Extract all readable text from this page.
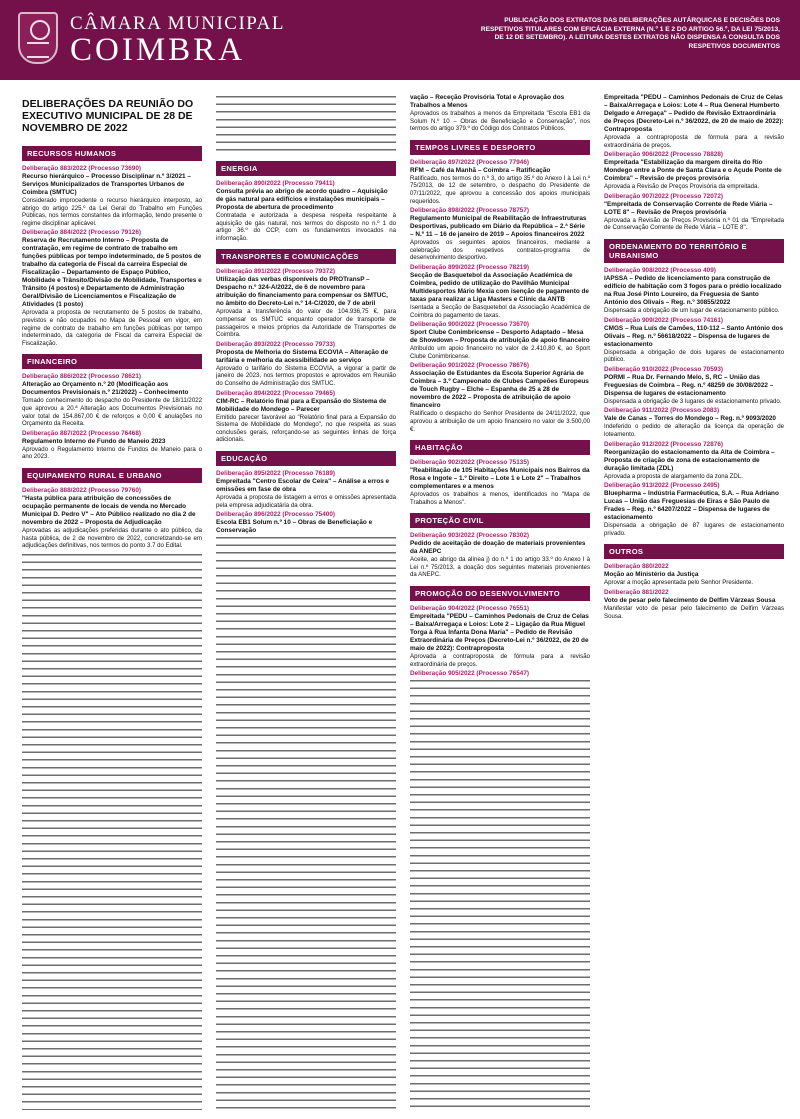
CÂMARA MUNICIPAL
COIMBRA
PUBLICAÇÃO DOS EXTRATOS DAS DELIBERAÇÕES AUTÁRQUICAS E DECISÕES DOS RESPETIVOS TITULARES COM EFICÁCIA EXTERNA (N.º 1 E 2 DO ARTIGO 56.º, DA LEI 75/2013, DE 12 DE SETEMBRO). A LEITURA DESTES EXTRATOS NÃO DISPENSA A CONSULTA DOS RESPETIVOS DOCUMENTOS
DELIBERAÇÕES DA REUNIÃO DO EXECUTIVO MUNICIPAL DE 28 DE NOVEMBRO DE 2022
RECURSOS HUMANOS
Deliberação 883/2022 (Processo 73690)
Recurso hierárquico – Processo Disciplinar n.º 3/2021 – Serviços Municipalizados de Transportes Urbanos de Coimbra (SMTUC)
Considerado improcedente o recurso hierárquico interposto, ao abrigo do artigo 225.º da Lei Geral do Trabalho em Funções Públicas, nos termos constantes da informação, tendo presente o regime disciplinar aplicável.
Deliberação 884/2022 (Processo 79126)
Reserva de Recrutamento Interno – Proposta de contratação, em regime de contrato de trabalho em funções públicas por tempo indeterminado, de 5 postos de trabalho da categoria de Fiscal da carreira Especial de Fiscalização – Departamento de Espaço Público, Mobilidade e Trânsito/Divisão de Mobilidade, Transportes e Trânsito (4 postos) e Departamento de Administração Geral/Divisão de Licenciamentos e Fiscalização de Atividades (1 posto)
Aprovada a proposta de recrutamento de 5 postos de trabalho, previstos e não ocupados no Mapa de Pessoal em vigor, em regime de contrato de trabalho em funções públicas por tempo indeterminado, da categoria de Fiscal da carreira Especial de Fiscalização.
FINANCEIRO
Deliberação 886/2022 (Processo 78621)
Alteração ao Orçamento n.º 20 (Modificação aos Documentos Previsionais n.º 21/2022) – Conhecimento
Tomado conhecimento do despacho do Presidente de 18/11/2022 que aprovou a 20.ª Alteração aos Documentos Previsionais no valor total de 154.867,00 € de reforços e 0,00 € anulações no Orçamento da Receita.
Deliberação 887/2022 (Processo 76468)
Regulamento Interno de Fundo de Maneio 2023
Aprovado o Regulamento Interno de Fundos de Maneio para o ano 2023.
EQUIPAMENTO RURAL E URBANO
Deliberação 888/2022 (Processo 79760)
"Hasta pública para atribuição de concessões de ocupação permanente de locais de venda no Mercado Municipal D. Pedro V" – Ato Público realizado no dia 2 de novembro de 2022 – Proposta de Adjudicação
Aprovadas as adjudicações preferidas durante o ato público, da hasta pública, de 2 de novembro de 2022, concretizando-se em adjudicações definitivas, nos termos do ponto 3.7 do Edital.
ENERGIA
Deliberação 890/2022 (Processo 79411)
Consulta prévia ao abrigo de acordo quadro – Aquisição de gás natural para edifícios e instalações municipais – Proposta de abertura de procedimento
Contratada e autorizada a despesa respeita respeitante à aquisição de gás natural, nos termos do disposto no n.º 1 do artigo 36.º do CCP, com os fundamentos invocados na informação.
TRANSPORTES E COMUNICAÇÕES
Deliberação 891/2022 (Processo 79372)
Utilização das verbas disponíveis do PROTransP – Despacho n.º 324-A/2022, de 6 de novembro para atribuição do financiamento para compensar os SMTUC, no âmbito do Decreto-Lei n.º 14-C/2020, de 7 de abril
Aprovada a transferência do valor de 104.936,75 €, para compensar os SMTUC enquanto operador de transporte de passageiros e meios próprios da Autoridade de Transportes de Coimbra.
Deliberação 893/2022 (Processo 79733)
Proposta de Melhoria do Sistema ECOVIA – Alteração de tarifária e melhoria da acessibilidade ao serviço
Aprovado o tarifário do Sistema ECOVIA, a vigorar a partir de janeiro de 2023, nos termos propostos e aprovados em Reunião do Conselho de Administração dos SMTUC.
Deliberação 894/2022 (Processo 79465)
CIM-RC – Relatório final para a Expansão do Sistema de Mobilidade do Mondego – Parecer
Emitido parecer favorável ao "Relatório final para a Expansão do Sistema de Mobilidade do Mondego", no que respeita as suas conclusões gerais, reforçando-se as seguintes linhas de força adicionais.
EDUCAÇÃO
Deliberação 895/2022 (Processo 76189)
Empreitada "Centro Escolar de Ceira" – Análise a erros e omissões em fase de obra
Aprovada a proposta de listagem a erros e omissões apresentada pela empresa adjudicatária da obra.
Deliberação 896/2022 (Processo 75400)
Escola EB1 Solum n.º 10 – Obras de Beneficiação e Conservação
vação – Receção Provisória Total e Aprovação dos Trabalhos a Menos
Aprovados os trabalhos a menos da Empreitada "Escola EB1 da Solum N.º 10 – Obras de Beneficiação e Conservação", nos termos do artigo 379.º do Código dos Contratos Públicos.
TEMPOS LIVRES E DESPORTO
Deliberação 897/2022 (Processo 77946)
RFM – Café da Manhã – Coimbra – Ratificação
Ratificado, nos termos do n.º 3, do artigo 35.º do Anexo I à Lei n.º 75/2013, de 12 de setembro, o despacho do Presidente de 07/11/2022, que aprovou a concessão dos apoios municipais requeridos.
Deliberação 898/2022 (Processo 78757)
Regulamento Municipal de Reabilitação de Infraestruturas Desportivas, publicado em Diário da República – 2.ª Série – N.º 11 – 16 de janeiro de 2019 – Apoios financeiros 2022
Aprovados os seguintes apoios financeiros, mediante a celebração dos respetivos contratos-programa de desenvolvimento desportivo.
Deliberação 899/2022 (Processo 78219)
Secção de Basquetebol da Associação Académica de Coimbra, pedido de utilização do Pavilhão Municipal Multidesportos Mário Mexia com isenção de pagamento de taxas para realizar a Liga Masters e Clinic da ANTB
Isentada a Secção de Basquetebol da Associação Académica de Coimbra do pagamento de taxas.
Deliberação 900/2022 (Processo 73670)
Sport Clube Conimbricense – Desporto Adaptado – Mesa de Showdown – Proposta de atribuição de apoio financeiro
Atribuído um apoio financeiro no valor de 2.410,80 €, ao Sport Clube Conimbricense.
Deliberação 901/2022 (Processo 78676)
Associação de Estudantes da Escola Superior Agrária de Coimbra – 3.º Campeonato de Clubes Campeões Europeus de Touch Rugby – Elche – Espanha de 25 a 28 de novembro de 2022 – Proposta de atribuição de apoio financeiro
Ratificado o despacho do Senhor Presidente de 24/11/2022, que aprovou a atribuição de um apoio financeiro no valor de 3.500,00 €.
HABITAÇÃO
Deliberação 902/2022 (Processo 75135)
"Reabilitação de 105 Habitações Municipais nos Bairros da Rosa e Ingote – 1.º Direito – Lote 1 e Lote 2" – Trabalhos complementares e a menos
Aprovados os trabalhos a menos, identificados no "Mapa de Trabalhos a Menos".
PROTEÇÃO CIVIL
Deliberação 903/2022 (Processo 78302)
Pedido de aceitação de doação de materiais provenientes da ANEPC
Aceite, ao abrigo da alínea j) do n.º 1 do artigo 33.º do Anexo I à Lei n.º 75/2013, a doação dos seguintes materiais provenientes da ANEPC.
PROMOÇÃO DO DESENVOLVIMENTO
Deliberação 904/2022 (Processo 76551)
Empreitada "PEDU – Caminhos Pedonais de Cruz de Celas – Baixa/Arregaça e Loios: Lote 2 – Ligação da Rua Miguel Torga à Rua Infanta Dona Maria" – Pedido de Revisão Extraordinária de Preços (Decreto-Lei n.º 36/2022, de 20 de maio de 2022): Contraproposta
Aprovada a contraproposta de fórmula para a revisão extraordinária de preços.
Deliberação 905/2022 (Processo 76547)
Empreitada "PEDU – Caminhos Pedonais de Cruz de Celas – Baixa/Arregaça e Loios: Lote 4 – Rua General Humberto Delgado e Arregaça" – Pedido de Revisão Extraordinária de Preços (Decreto-Lei n.º 36/2022, de 20 de maio de 2022): Contraproposta
Aprovada a contraproposta de fórmula para a revisão extraordinária de preços.
Deliberação 906/2022 (Processo 78828)
Empreitada "Estabilização da margem direita do Rio Mondego entre a Ponte de Santa Clara e o Açude Ponte de Coimbra" – Revisão de preços provisória
Aprovada a Revisão de Preços Provisória da empreitada.
Deliberação 907/2022 (Processo 72072)
"Empreitada de Conservação Corrente de Rede Viária – LOTE 8" – Revisão de Preços provisória
Aprovada a Revisão de Preços Provisória n.º 01 da "Empreitada de Conservação Corrente de Rede Viária – LOTE 8".
ORDENAMENTO DO TERRITÓRIO E URBANISMO
Deliberação 908/2022 (Processo 409)
IAPSSA – Pedido de licenciamento para construção de edifício de habitação com 3 fogos para o prédio localizado na Rua José Pinto Loureiro, da Freguesia de Santo António dos Olivais – Reg. n.º 30855/2022
Dispensada a obrigação de um lugar de estacionamento público.
Deliberação 909/2022 (Processo 74161)
CMGS – Rua Luís de Camões, 110-112 – Santo António dos Olivais – Reg. n.º 56618/2022 – Dispensa de lugares de estacionamento
Dispensada a obrigação de dois lugares de estacionamento público.
Deliberação 910/2022 (Processo 70593)
PORMI – Rua Dr. Fernando Melo, S, RC – União das Freguesias de Coimbra – Reg. n.º 48259 de 30/08/2022 – Dispensa de lugares de estacionamento
Dispensada a obrigação de 3 lugares de estacionamento privado.
Deliberação 911/2022 (Processo 2083)
Vale de Canas – Torres do Mondego – Reg. n.º 9093/2020
Indeferido o pedido de alteração da licença da operação de loteamento.
Deliberação 912/2022 (Processo 72876)
Reorganização do estacionamento da Alta de Coimbra – Proposta de criação de zona de estacionamento de duração limitada (ZDL)
Aprovada a proposta de alargamento da zona ZDL.
Deliberação 913/2022 (Processo 2495)
Bluepharma – Indústria Farmacêutica, S.A. – Rua Adriano Lucas – União das Freguesias de Eiras e São Paulo de Frades – Reg. n.º 64207/2022 – Dispensa de lugares de estacionamento
Dispensada a obrigação de 87 lugares de estacionamento privado.
OUTROS
Deliberação 880/2022
Moção ao Ministério da Justiça
Aprovar a moção apresentada pelo Senhor Presidente.
Deliberação 881/2022
Voto de pesar pelo falecimento de Delfim Várzeas Sousa
Manifestar voto de pesar pelo falecimento de Delfim Várzeas Sousa.
